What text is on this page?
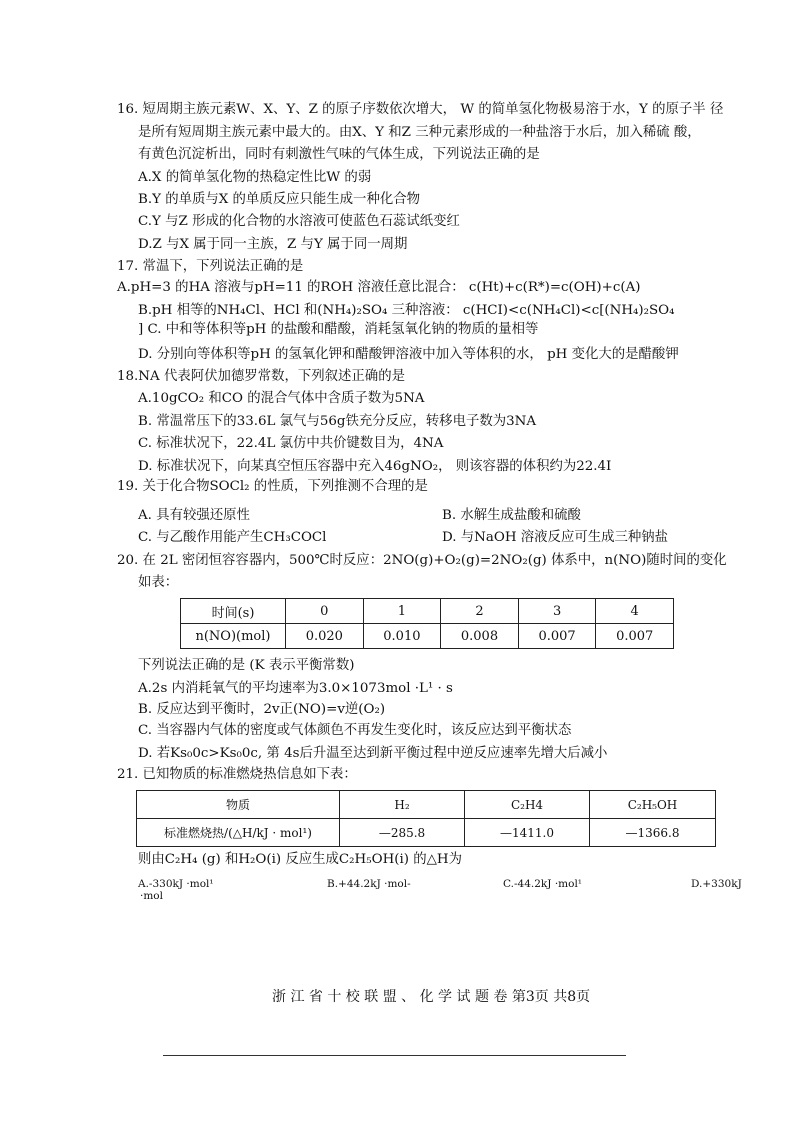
16. 短周期主族元素W、X、Y、Z 的原子序数依次增大， W 的简单氢化物极易溶于水，Y 的原子半 径
是所有短周期主族元素中最大的。由X、Y 和Z 三种元素形成的一种盐溶于水后，加入稀硫 酸，
有黄色沉淀析出，同时有刺激性气味的气体生成，下列说法正确的是
A.X 的简单氢化物的热稳定性比W 的弱
B.Y 的单质与X 的单质反应只能生成一种化合物
C.Y 与Z 形成的化合物的水溶液可使蓝色石蕊试纸变红
D.Z 与X 属于同一主族，Z 与Y 属于同一周期
17. 常温下，下列说法正确的是
A.pH=3 的HA 溶液与pH=11 的ROH 溶液任意比混合： c(Ht)+c(R*)=c(OH)+c(A)
B.pH 相等的NH₄Cl、HCl 和(NH₄)₂SO₄ 三种溶液： c(HCI)<c(NH₄Cl)<c[(NH₄)₂SO₄
] C. 中和等体积等pH 的盐酸和醋酸，消耗氢氧化钠的物质的量相等
D. 分别向等体积等pH 的氢氧化钾和醋酸钾溶液中加入等体积的水， pH 变化大的是醋酸钾
18.NA 代表阿伏加德罗常数，下列叙述正确的是
A.10gCO₂ 和CO 的混合气体中含质子数为5NA
B. 常温常压下的33.6L 氯气与56g铁充分反应，转移电子数为3NA
C. 标准状况下，22.4L 氯仿中共价键数目为，4NA
D. 标准状况下，向某真空恒压容器中充入46gNO₂， 则该容器的体积约为22.4I
19. 关于化合物SOCl₂ 的性质，下列推测不合理的是
A. 具有较强还原性	B. 水解生成盐酸和硫酸
C. 与乙酸作用能产生CH₃COCl	D. 与NaOH 溶液反应可生成三种钠盐
20. 在 2L 密闭恒容容器内，500℃时反应：2NO(g)+O₂(g)=2NO₂(g) 体系中，n(NO)随时间的变化
如表：
时间(s)	0	1	2	3	4
n(NO)(mol)	0.020	0.010	0.008	0.007	0.007
下列说法正确的是 (K 表示平衡常数)
A.2s 内消耗氧气的平均速率为3.0×1073mol ·L¹ · s
B. 反应达到平衡时，2v正(NO)=v逆(O₂)
C. 当容器内气体的密度或气体颜色不再发生变化时，该反应达到平衡状态
D. 若Ks₀0c>Ks₀0c, 第 4s后升温至达到新平衡过程中逆反应速率先增大后减小
21. 已知物质的标准燃烧热信息如下表：
物质	H₂	C₂H4	C₂H₅OH
标准燃烧热/(△H/kJ · mol¹)	—285.8	—1411.0	—1366.8
则由C₂H₄ (g) 和H₂O(i) 反应生成C₂H₅OH(i) 的△H为
A.-330kJ ·mol¹
·mol
B.+44.2kJ ·mol-	C.-44.2kJ ·mol¹	D.+330kJ
浙 江 省 十 校 联 盟 、 化 学 试 题 卷 第3页 共8页
